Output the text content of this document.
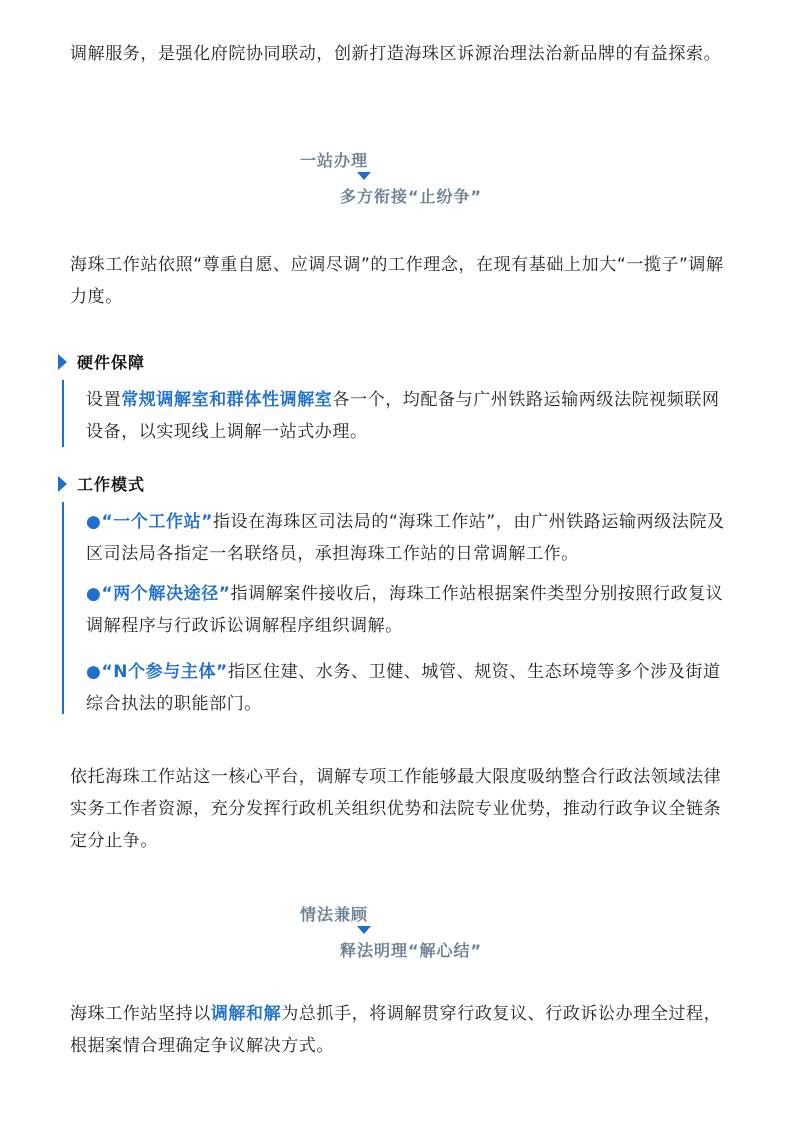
调解服务，是强化府院协同联动，创新打造海珠区诉源治理法治新品牌的有益探索。
一站办理
多方衔接“止纷争”
海珠工作站依照“尊重自愿、应调尽调”的工作理念，在现有基础上加大“一揽子”调解力度。
硬件保障
设置常规调解室和群体性调解室各一个，均配备与广州铁路运输两级法院视频联网设备，以实现线上调解一站式办理。
工作模式
●“一个工作站”指设在海珠区司法局的“海珠工作站”，由广州铁路运输两级法院及区司法局各指定一名联络员，承担海珠工作站的日常调解工作。
●“两个解决途径”指调解案件接收后，海珠工作站根据案件类型分别按照行政复议调解程序与行政诉讼调解程序组织调解。
●“N个参与主体”指区住建、水务、卫健、城管、规资、生态环境等多个涉及街道综合执法的职能部门。
依托海珠工作站这一核心平台，调解专项工作能够最大限度吸纳整合行政法领域法律实务工作者资源，充分发挥行政机关组织优势和法院专业优势，推动行政争议全链条定分止争。
情法兼顾
释法明理“解心结”
海珠工作站坚持以调解和解为总抓手，将调解贯穿行政复议、行政诉讼办理全过程，根据案情合理确定争议解决方式。
